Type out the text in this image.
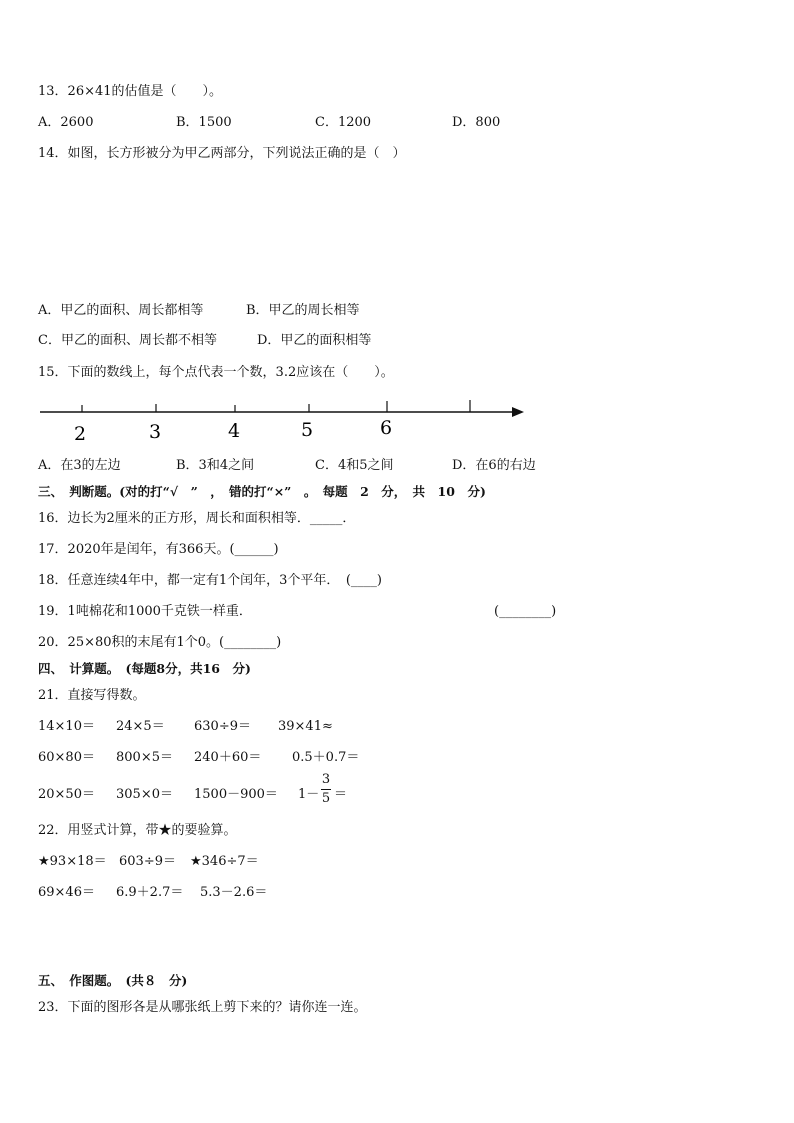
13．26×41的估值是（　　）。
A．2600	B．1500	C．1200	D．800
14．如图，长方形被分为甲乙两部分，下列说法正确的是（　）
A．甲乙的面积、周长都相等	B．甲乙的周长相等
C．甲乙的面积、周长都不相等	D．甲乙的面积相等
15．下面的数线上，每个点代表一个数，3.2应该在（　　）。
2	3	4	5	6
A．在3的左边	B．3和4之间	C．4和5之间	D．在6的右边
三、　判断题。(对的打“√　”　，　错的打“×”　。　每题　2　分，　共　10　分)
16．边长为2厘米的正方形，周长和面积相等．_____．
17．2020年是闰年，有366天。(______)
18．任意连续4年中，都一定有1个闰年，3个平年．　(____)
19．1吨棉花和1000千克铁一样重．	(________)
20．25×80积的末尾有1个0。(________)
四、　计算题。　(每题8分，共16　分)
21．直接写得数。
14×10＝ 24×5＝ 630÷9＝ 39×41≈
60×80＝ 800×5＝ 240＋60＝ 0.5＋0.7＝
20×50＝ 305×0＝ 1500－900＝ 1－
3
5 ＝
22．用竖式计算，带★的要验算。
★93×18＝ 603÷9＝ ★346÷7＝
69×46＝ 6.9＋2.7＝ 5.3－2.6＝
五、　作图题。　(共８　分)
23．下面的图形各是从哪张纸上剪下来的？请你连一连。
